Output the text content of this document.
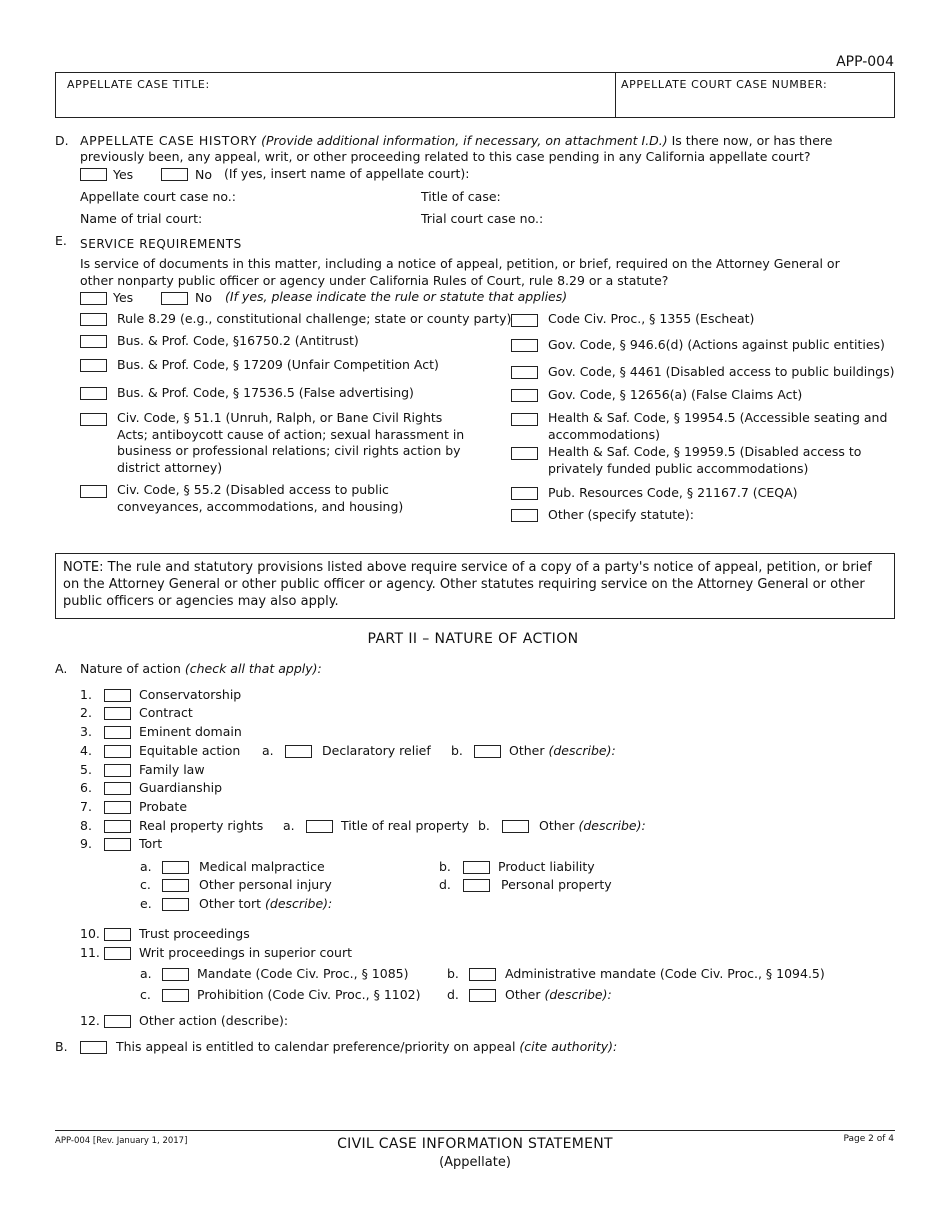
APP-004
APPELLATE CASE TITLE:	APPELLATE COURT CASE NUMBER:
D. APPELLATE CASE HISTORY (Provide additional information, if necessary, on attachment I.D.) Is there now, or has there
previously been, any appeal, writ, or other proceeding related to this case pending in any California appellate court?
Yes	No (If yes, insert name of appellate court):
Appellate court case no.:	Title of case:
Name of trial court:	Trial court case no.:
E. SERVICE REQUIREMENTS
Is service of documents in this matter, including a notice of appeal, petition, or brief, required on the Attorney General or other nonparty public officer or agency under California Rules of Court, rule 8.29 or a statute?
Yes	No (If yes, please indicate the rule or statute that applies)
Rule 8.29 (e.g., constitutional challenge; state or county party)
Bus. & Prof. Code, §16750.2 (Antitrust)
Bus. & Prof. Code, § 17209 (Unfair Competition Act)
Bus. & Prof. Code, § 17536.5 (False advertising)
Civ. Code, § 51.1 (Unruh, Ralph, or Bane Civil Rights Acts; antiboycott cause of action; sexual harassment in business or professional relations; civil rights action by district attorney)
Civ. Code, § 55.2 (Disabled access to public conveyances, accommodations, and housing)
Code Civ. Proc., § 1355 (Escheat)
Gov. Code, § 946.6(d) (Actions against public entities)
Gov. Code, § 4461 (Disabled access to public buildings)
Gov. Code, § 12656(a) (False Claims Act)
Health & Saf. Code, § 19954.5 (Accessible seating and accommodations)
Health & Saf. Code, § 19959.5 (Disabled access to privately funded public accommodations)
Pub. Resources Code, § 21167.7 (CEQA)
Other (specify statute):
NOTE: The rule and statutory provisions listed above require service of a copy of a party's notice of appeal, petition, or brief on the Attorney General or other public officer or agency. Other statutes requiring service on the Attorney General or other public officers or agencies may also apply.
PART II – NATURE OF ACTION
A. Nature of action (check all that apply):
1.	Conservatorship
2.	Contract
3.	Eminent domain
4.	Equitable action a.	Declaratory relief b.	Other (describe):
5.	Family law
6.	Guardianship
7.	Probate
8.	Real property rights a.	Title of real property b.	Other (describe):
9.	Tort
a.	Medical malpractice	b.	Product liability
c.	Other personal injury	d.	Personal property
e.	Other tort (describe):
10.	Trust proceedings
11.	Writ proceedings in superior court
a.	Mandate (Code Civ. Proc., § 1085)	b.	Administrative mandate (Code Civ. Proc., § 1094.5)
c.	Prohibition (Code Civ. Proc., § 1102) d.	Other (describe):
12.	Other action (describe):
B.	This appeal is entitled to calendar preference/priority on appeal (cite authority):
APP-004 [Rev. January 1, 2017]	CIVIL CASE INFORMATION STATEMENT
(Appellate)
Page 2 of 4
